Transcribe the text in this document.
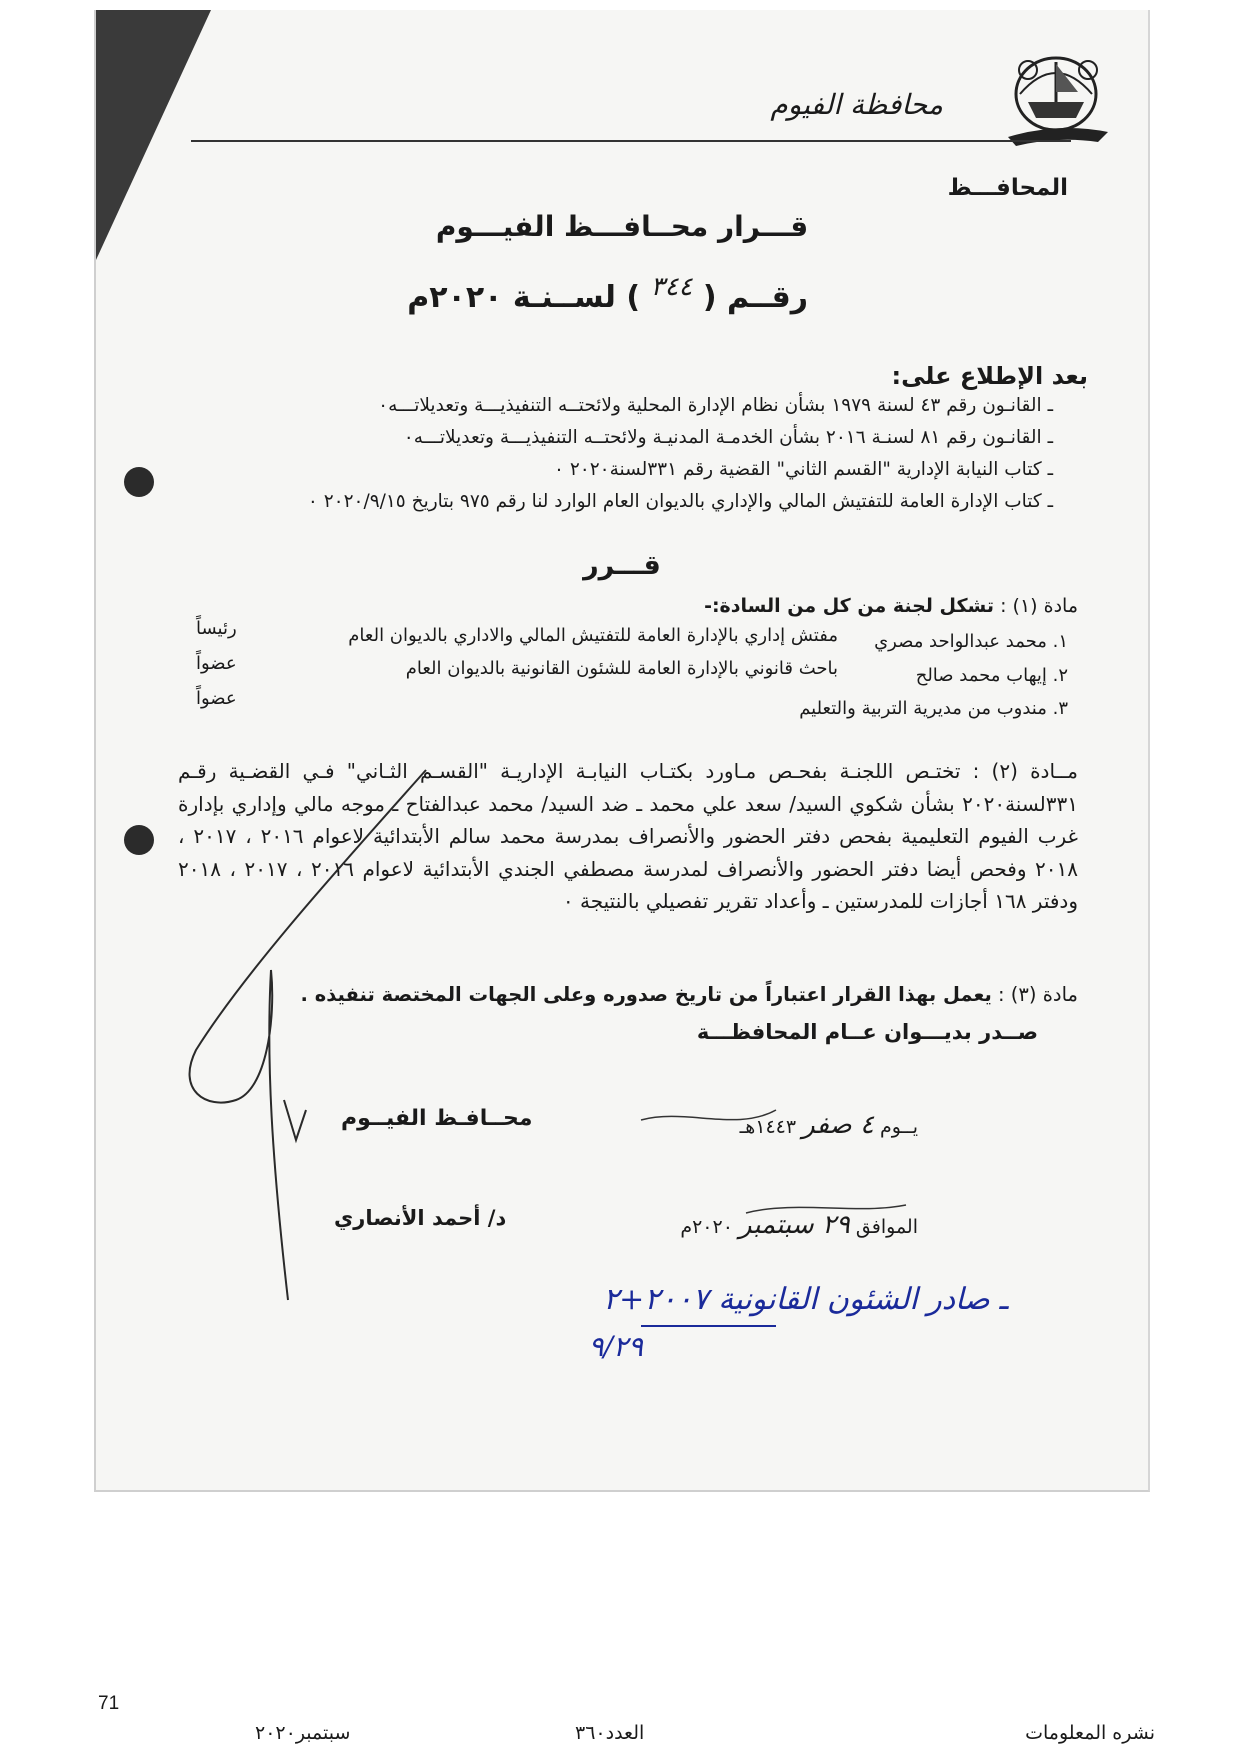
محافظة الفيوم
المحافـــظ
قـــرار محــافـــظ الفيـــوم
رقــم ( ٣٤٤ ) لســنـة ٢٠٢٠م
بعد الإطلاع على:
ـ القانـون رقم ٤٣ لسنة ١٩٧٩ بشأن نظام الإدارة المحلية ولائحتــه التنفيذيـــة وتعديلاتـــه٠
ـ القانـون رقم ٨١ لسنـة ٢٠١٦ بشأن الخدمـة المدنيـة ولائحتــه التنفيذيـــة وتعديلاتـــه٠
ـ كتاب النيابة الإدارية "القسم الثاني" القضية رقم ٣٣١لسنة٢٠٢٠ ٠
ـ كتاب الإدارة العامة للتفتيش المالي والإداري بالديوان العام الوارد لنا رقم ٩٧٥ بتاريخ ٢٠٢٠/٩/١٥ ٠
قـــرر
مادة (١) : تشكل لجنة من كل من السادة:-
١. محمد عبدالواحد مصري
مفتش إداري بالإدارة العامة للتفتيش المالي والاداري بالديوان العام
رئيساً
٢. إيهاب محمد صالح
باحث قانوني بالإدارة العامة للشئون القانونية بالديوان العام
عضواً
٣. مندوب من مديرية التربية والتعليم
عضواً
مــادة (٢) : تختـص اللجنـة بفحـص مـاورد بكتـاب النيابـة الإداريـة "القسـم الثـاني" فـي القضـية رقـم ٣٣١لسنة٢٠٢٠ بشأن شكوي السيد/ سعد علي محمد ـ ضد السيد/ محمد عبدالفتاح ـ موجه مالي وإداري بإدارة غرب الفيوم التعليمية بفحص دفتر الحضور والأنصراف بمدرسة محمد سالم الأبتدائية لاعوام ٢٠١٦ ، ٢٠١٧ ، ٢٠١٨ وفحص أيضا دفتر الحضور والأنصراف لمدرسة مصطفي الجندي الأبتدائية لاعوام ٢٠١٦ ، ٢٠١٧ ، ٢٠١٨ ودفتر ١٦٨ أجازات للمدرستين ـ وأعداد تقرير تفصيلي بالنتيجة ٠
مادة (٣) : يعمل بهذا القرار اعتباراً من تاريخ صدوره وعلى الجهات المختصة تنفيذه .
صــدر بديـــوان عــام المحافظـــة
يــوم ٤ صفر ١٤٤٣هـ
الموافق ٢٩ سبتمبر ٢٠٢٠م
محــافـظ الفيــوم
د/ أحمد الأنصاري
ـ صادر الشئون القانونية ٢٠٠٧+٢
٩/٢٩
71
نشره المعلومات
العدد٣٦٠
سبتمبر٢٠٢٠
